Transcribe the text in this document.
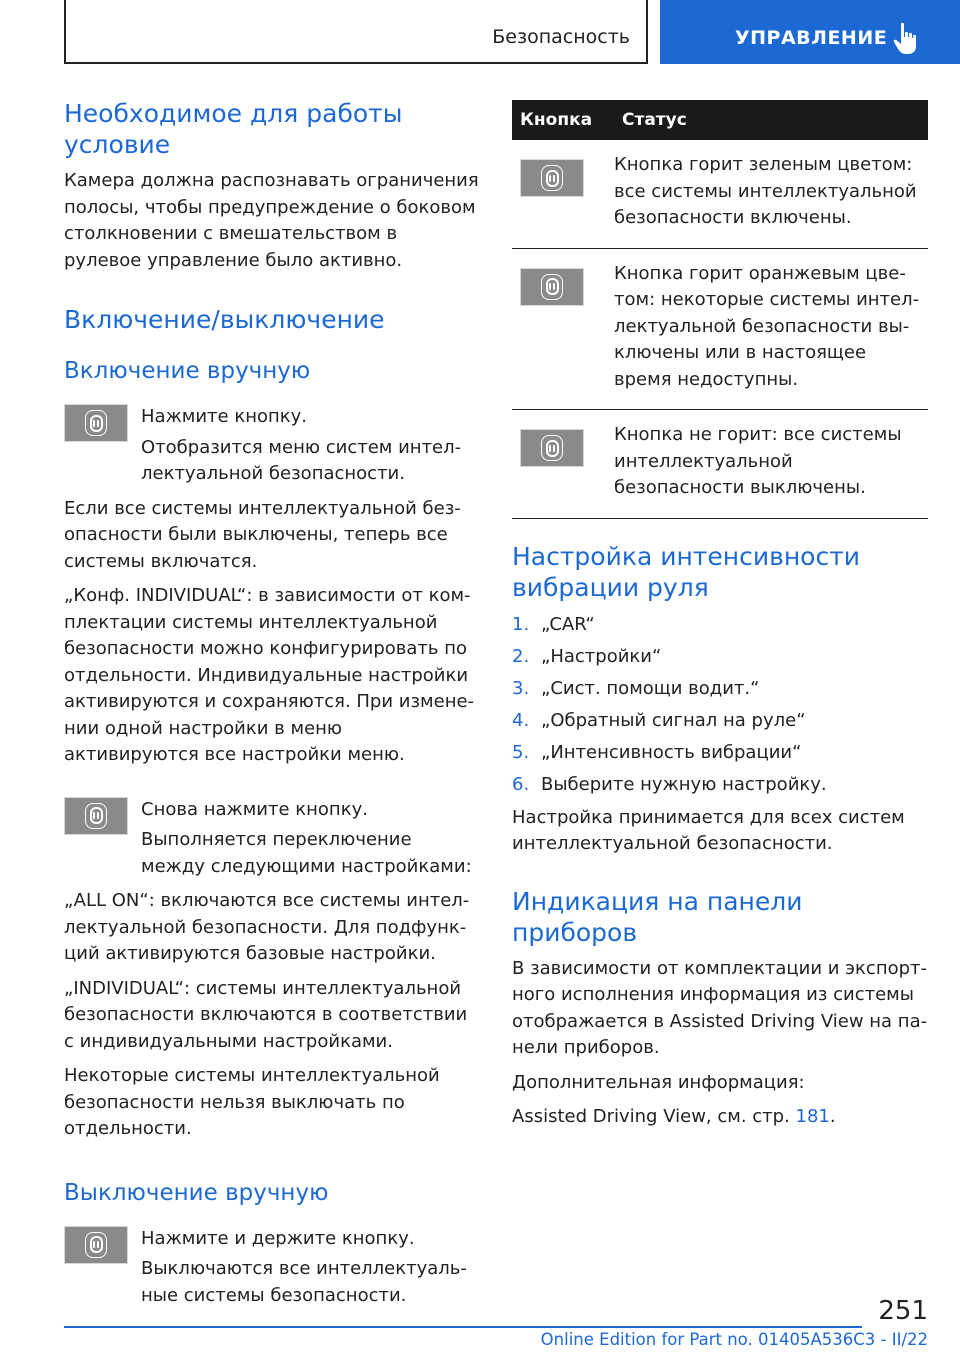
Безопасность	УПРАВЛЕНИЕ
Необходимое для работы условие

Камера должна распознавать ограничения полосы, чтобы предупреждение о боковом столкновении с вмешательством в рулевое управление было активно.

Включение/выключение
Включение вручную

Нажмите кнопку.

Отобразится меню систем интеллектуальной безопасности.

Если все системы интеллектуальной безопасности были выключены, теперь все системы включатся.

„Конф. INDIVIDUAL“: в зависимости от комплектации системы интеллектуальной безопасности можно конфигурировать по отдельности. Индивидуальные настройки активируются и сохраняются. При изменении одной настройки в меню активируются все настройки меню.

Снова нажмите кнопку.

Выполняется переключение между следующими настройками:

„ALL ON“: включаются все системы интеллектуальной безопасности. Для подфункций активируются базовые настройки.

„INDIVIDUAL“: системы интеллектуальной безопасности включаются в соответствии с индивидуальными настройками.

Некоторые системы интеллектуальной безопасности нельзя выключать по отдельности.

Выключение вручную

Нажмите и держите кнопку.

Выключаются все интеллектуальные системы безопасности.

Кнопка	Статус

	Кнопка горит зеленым цветом: все системы интеллектуальной безопасности включены.

	Кнопка горит оранжевым цветом: некоторые системы интеллектуальной безопасности выключены или в настоящее время недоступны.

	Кнопка не горит: все системы интеллектуальной безопасности выключены.
Настройка интенсивности вибрации руля
1. „CAR“
2. „Настройки“
3. „Сист. помощи водит.“
4. „Обратный сигнал на руле“
5. „Интенсивность вибрации“
6. Выберите нужную настройку.

Настройка принимается для всех систем интеллектуальной безопасности.

Индикация на панели приборов

В зависимости от комплектации и экспортного исполнения информация из системы отображается в Assisted Driving View на панели приборов.

Дополнительная информация:

Assisted Driving View, см. стр. 181.

251
Online Edition for Part no. 01405A536C3 - II/22
